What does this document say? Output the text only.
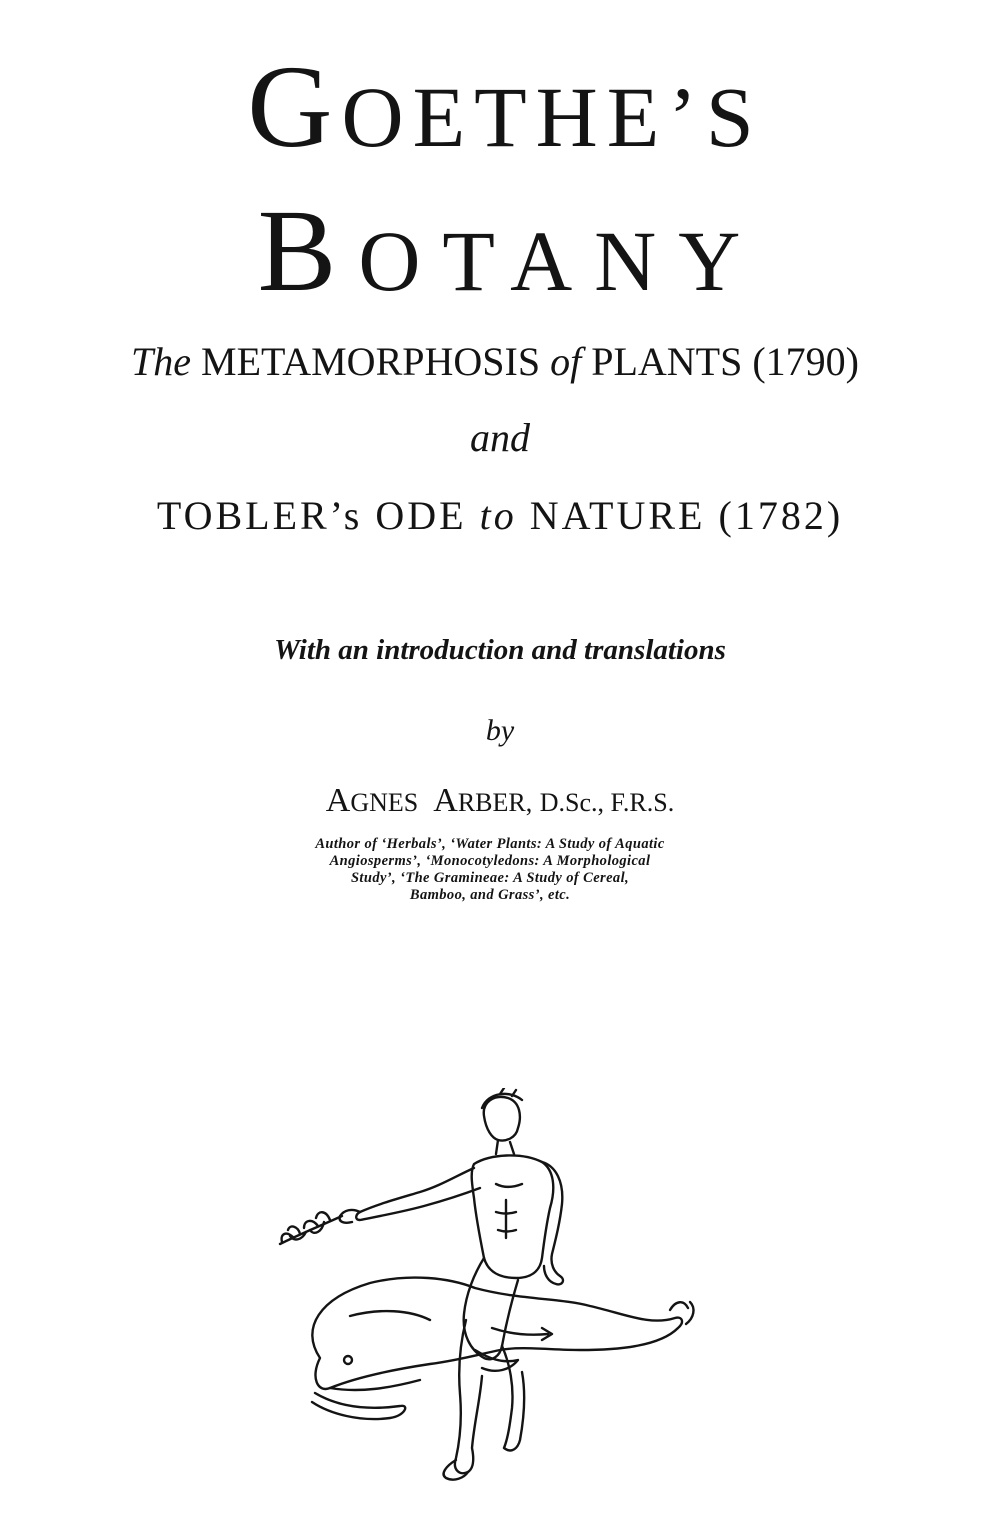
GOETHE’S
BOTANY
The METAMORPHOSIS of PLANTS (1790)
and
TOBLER’s ODE to NATURE (1782)
With an introduction and translations
by
AGNES ARBER, D.Sc., F.R.S.
Author of ‘Herbals’, ‘Water Plants: A Study of Aquatic
Angiosperms’, ‘Monocotyledons: A Morphological
Study’, ‘The Gramineae: A Study of Cereal,
Bamboo, and Grass’, etc.
